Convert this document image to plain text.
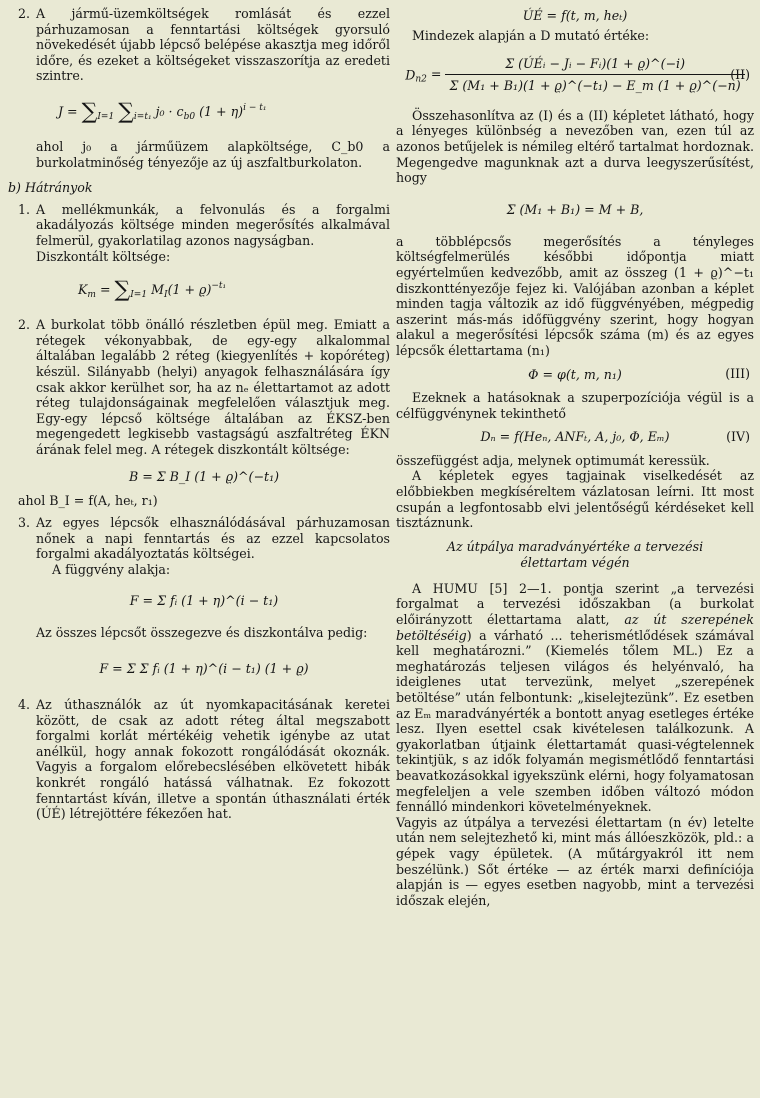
2. A jármű-üzemköltségek romlását és ezzel párhuzamosan a fenntartási költségek gyorsuló növekedését újabb lépcső belépése akasztja meg időről időre, és ezeket a költségeket visszaszorítja az eredeti szintre.

$J = \sum_{I=1}$ $\sum_{i=t_1}$ $j_0 \cdot c_{b0}$ $(1 + \eta)^{i - t_1}$

ahol j₀ a járműüzem alapköltsége, C_b0 a burkolatminőség tényezője az új aszfaltburkolaton.

b) Hátrányok
1. A mellékmunkák, a felvonulás és a forgalmi akadályozás költsége minden megerősítés alkalmával felmerül, gyakorlatilag azonos nagyságban.

Diszkontált költsége:

$K_m = \sum_{I=1}$ $M_I(1 + ϱ)^{-t_1}$
2. A burkolat több önálló részletben épül meg. Emiatt a rétegek vékonyabbak, de egy-egy alkalommal általában legalább 2 réteg (kiegyenlítés + kopóréteg) készül. Silányabb (helyi) anyagok felhasználására így csak akkor kerülhet sor, ha az nₑ élettartamot az adott réteg tulajdonságainak megfelelően választjuk meg. Egy-egy lépcső költsége általában az ÉKSZ-ben megengedett legkisebb vastagságú aszfaltréteg ÉKN árának felel meg. A rétegek diszkontált költsége:

B = Σ B_I (1 + ϱ)^(−t₁)

ahol B_I = f(A, heₜ, r₁)

3. Az egyes lépcsők elhasználódásával párhuzamosan nőnek a napi fenntartás és az ezzel kapcsolatos forgalmi akadályoztatás költségei.

A függvény alakja:

F = Σ fᵢ (1 + η)^(i − t₁)

Az összes lépcsőt összegezve és diszkontálva pedig:

F = Σ Σ fᵢ (1 + η)^(i − t₁) (1 + ϱ)
4. Az úthasználók az út nyomkapacitásának keretei között, de csak az adott réteg által megszabott forgalmi korlát mértékéig vehetik igénybe az utat anélkül, hogy annak fokozott rongálódását okoznák. Vagyis a forgalom előrebecslésében elkövetett hibák konkrét rongáló hatássá válhatnak. Ez fokozott fenntartást kíván, illetve a spontán úthasználati érték (ÚÉ) létrejöttére fékezően hat.

ÚÉ = f(t, m, heₜ)

Mindezek alapján a D mutató értéke:

$D_{n2} = \frac{\text{Σ (ÚÉᵢ − Jᵢ − Fᵢ)(1 + ϱ)\textasciicircum{}(−i)}}{\text{Σ (M₁ + B₁)(1 + ϱ)\textasciicircum{}(−t₁) − E\_m (1 + ϱ)\textasciicircum{}(−n)}}$
(II)

Összehasonlítva az (I) és a (II) képletet látható, hogy a lényeges különbség a nevezőben van, ezen túl az azonos betűjelek is némileg eltérő tartalmat hordoznak. Megengedve magunknak azt a durva leegyszerűsítést, hogy

Σ (M₁ + B₁) = M + B,

a többlépcsős megerősítés a tényleges költségfelmerülés későbbi időpontja miatt egyértelműen kedvezőbb, amit az összeg (1 + ϱ)^−t₁ diszkonttényezője fejez ki. Valójában azonban a képlet minden tagja változik az idő függvényében, mégpedig aszerint más-más időfüggvény szerint, hogy hogyan alakul a megerősítési lépcsők száma (m) és az egyes lépcsők élettartama (n₁)

Φ = φ(t, m, n₁)	(III)

Ezeknek a hatásoknak a szuperpozíciója végül is a célfüggvénynek tekinthető

Dₙ = f(Heₙ, ANFₜ, A, j₀, Φ, Eₘ)	(IV)

összefüggést adja, melynek optimumát keressük.

A képletek egyes tagjainak viselkedését az előbbiekben megkíséreltem vázlatosan leírni. Itt most csupán a legfontosabb elvi jelentőségű kérdéseket kell tisztáznunk.

Az útpálya maradványértéke a tervezési
élettartam végén

A HUMU [5] 2—1. pontja szerint „a tervezési forgalmat a tervezési időszakban (a burkolat előirányzott élettartama alatt, az út szerepének betöltéséig) a várható ... teherismétlődések számával kell meghatározni.” (Kiemelés tőlem ML.) Ez a meghatározás teljesen világos és helyénvaló, ha ideiglenes utat tervezünk, melyet „szerepének betöltése” után felbontunk: „kiselejtezünk”. Ez esetben az Eₘ maradványérték a bontott anyag esetleges értéke lesz. Ilyen esettel csak kivételesen találkozunk. A gyakorlatban útjaink élettartamát quasi-végtelennek tekintjük, s az idők folyamán megismétlődő fenntartási beavatkozásokkal igyekszünk elérni, hogy folyamatosan megfeleljen a vele szemben időben változó módon fennálló mindenkori követelményeknek.

Vagyis az útpálya a tervezési élettartam (n év) letelte után nem selejtezhető ki, mint más állóeszközök, pld.: a gépek vagy épületek. (A műtárgyakról itt nem beszélünk.) Sőt értéke — az érték marxi definíciója alapján is — egyes esetben nagyobb, mint a tervezési időszak elején,
